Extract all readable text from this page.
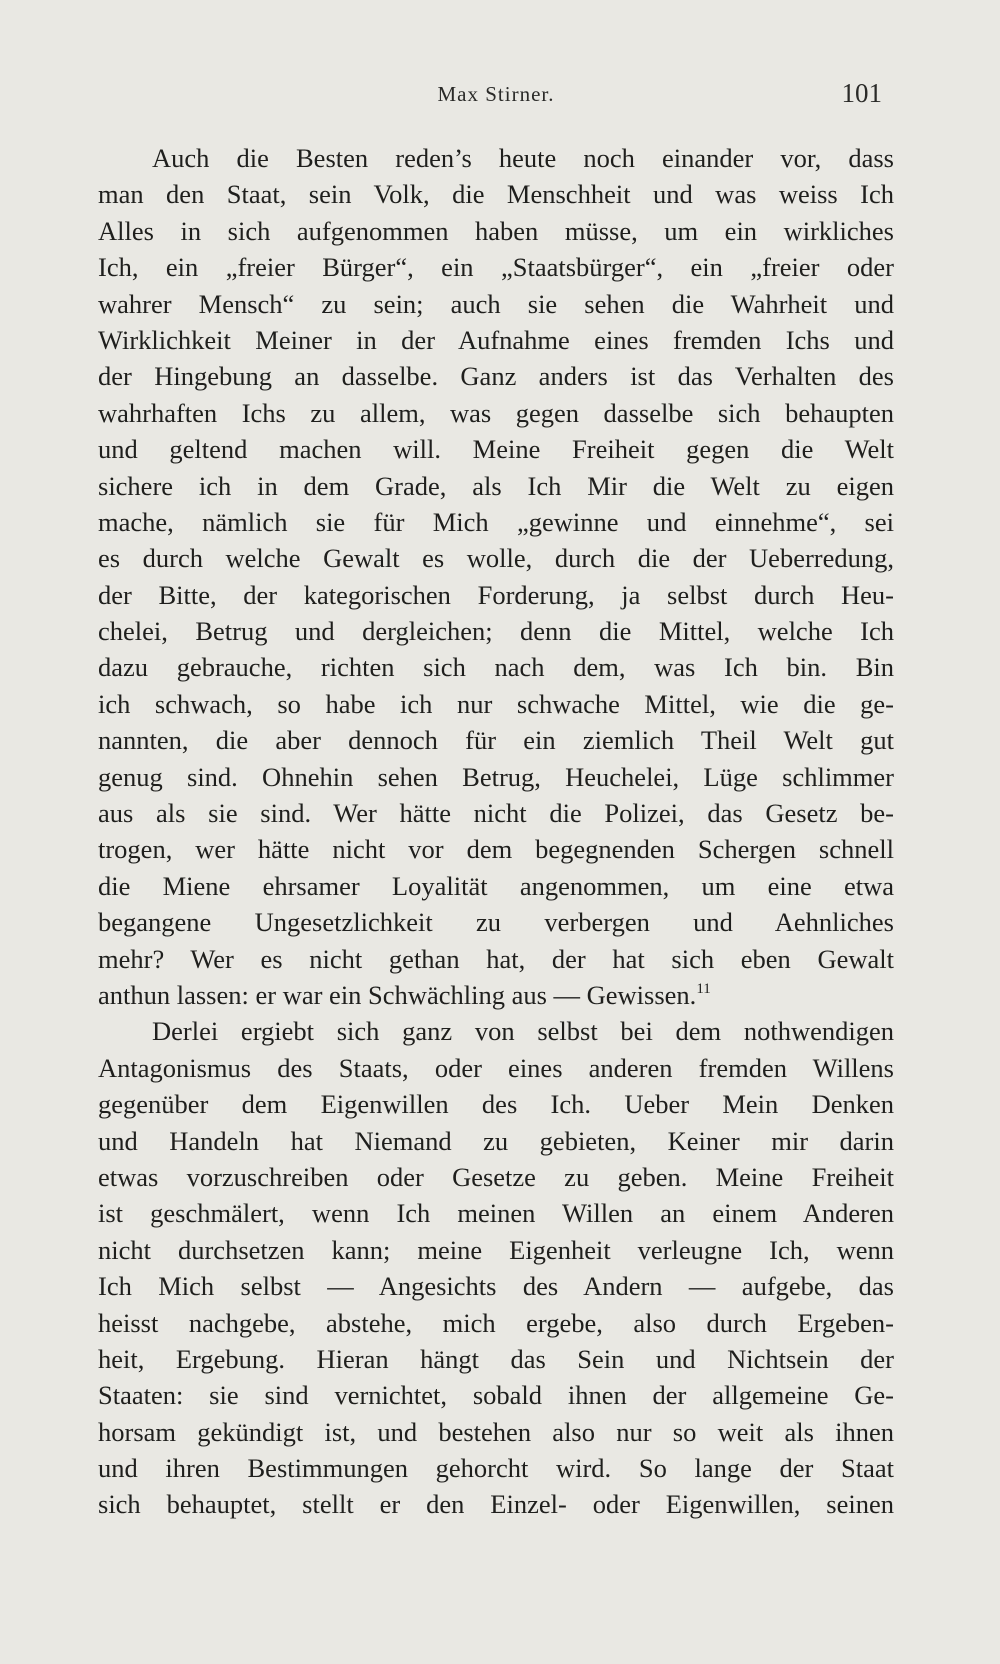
Max Stirner.	101
Auch die Besten reden’s heute noch einander vor, dass
man den Staat, sein Volk, die Menschheit und was weiss Ich
Alles in sich aufgenommen haben müsse, um ein wirkliches
Ich, ein „freier Bürger“, ein „Staatsbürger“, ein „freier oder
wahrer Mensch“ zu sein; auch sie sehen die Wahrheit und
Wirklichkeit Meiner in der Aufnahme eines fremden Ichs und
der Hingebung an dasselbe. Ganz anders ist das Verhalten des
wahrhaften Ichs zu allem, was gegen dasselbe sich behaupten
und geltend machen will. Meine Freiheit gegen die Welt
sichere ich in dem Grade, als Ich Mir die Welt zu eigen
mache, nämlich sie für Mich „gewinne und einnehme“, sei
es durch welche Gewalt es wolle, durch die der Ueberredung,
der Bitte, der kategorischen Forderung, ja selbst durch Heu-
chelei, Betrug und dergleichen; denn die Mittel, welche Ich
dazu gebrauche, richten sich nach dem, was Ich bin. Bin
ich schwach, so habe ich nur schwache Mittel, wie die ge-
nannten, die aber dennoch für ein ziemlich Theil Welt gut
genug sind. Ohnehin sehen Betrug, Heuchelei, Lüge schlimmer
aus als sie sind. Wer hätte nicht die Polizei, das Gesetz be-
trogen, wer hätte nicht vor dem begegnenden Schergen schnell
die Miene ehrsamer Loyalität angenommen, um eine etwa
begangene Ungesetzlichkeit zu verbergen und Aehnliches
mehr? Wer es nicht gethan hat, der hat sich eben Gewalt
anthun lassen: er war ein Schwächling aus — Gewissen.$^{11}$
Derlei ergiebt sich ganz von selbst bei dem nothwendigen
Antagonismus des Staats, oder eines anderen fremden Willens
gegenüber dem Eigenwillen des Ich. Ueber Mein Denken
und Handeln hat Niemand zu gebieten, Keiner mir darin
etwas vorzuschreiben oder Gesetze zu geben. Meine Freiheit
ist geschmälert, wenn Ich meinen Willen an einem Anderen
nicht durchsetzen kann; meine Eigenheit verleugne Ich, wenn
Ich Mich selbst — Angesichts des Andern — aufgebe, das
heisst nachgebe, abstehe, mich ergebe, also durch Ergeben-
heit, Ergebung. Hieran hängt das Sein und Nichtsein der
Staaten: sie sind vernichtet, sobald ihnen der allgemeine Ge-
horsam gekündigt ist, und bestehen also nur so weit als ihnen
und ihren Bestimmungen gehorcht wird. So lange der Staat
sich behauptet, stellt er den Einzel- oder Eigenwillen, seinen
